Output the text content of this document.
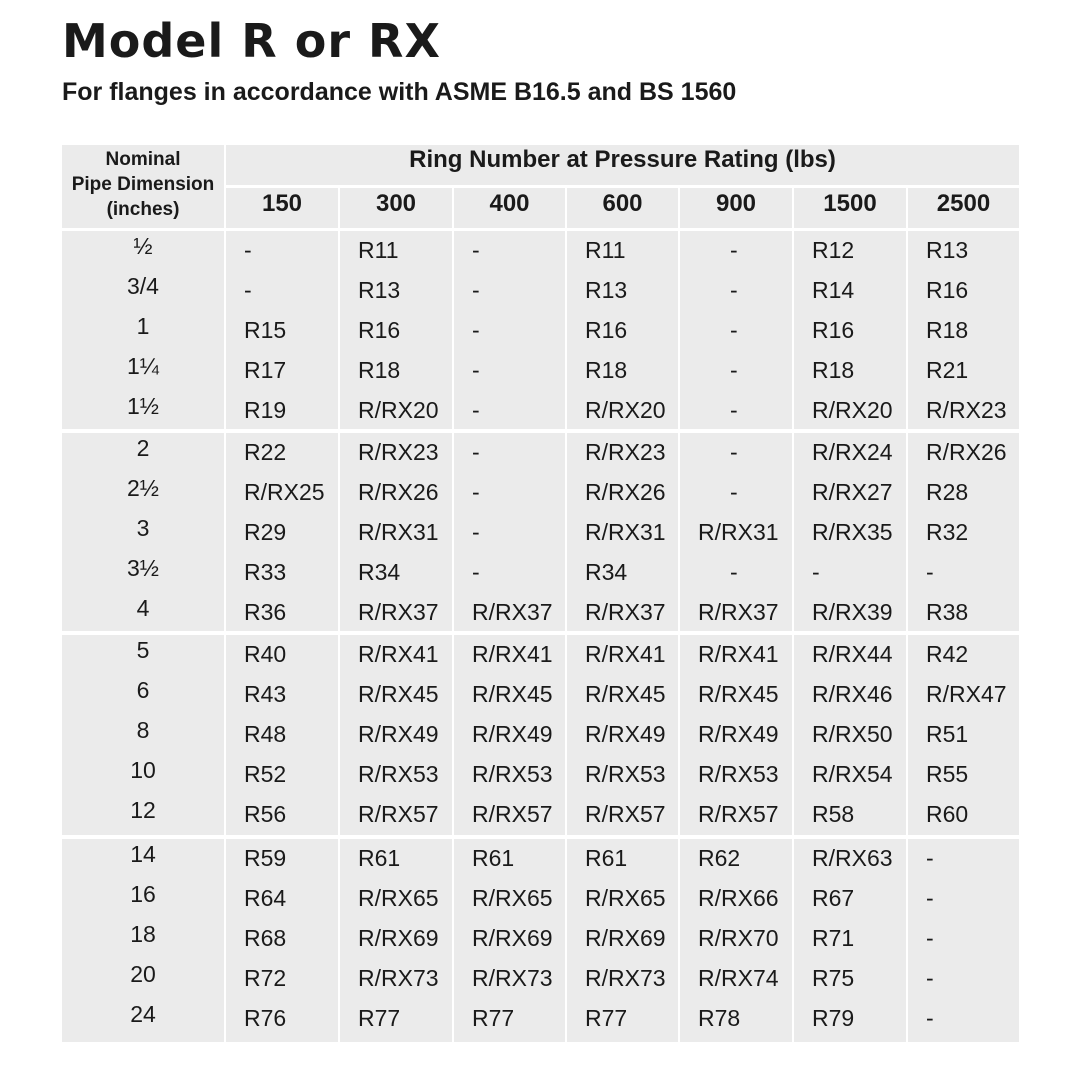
Model R or RX
For flanges in accordance with ASME B16.5 and BS 1560
Nominal
Pipe Dimension
(inches)
Ring Number at Pressure Rating (lbs)
150	300	400	600	900	1500	2500
½	-	R11	-	R11	-	R12	R13
3/4	-	R13	-	R13	-	R14	R16
1	R15	R16	-	R16	-	R16	R18
1¼	R17	R18	-	R18	-	R18	R21
1½	R19	R/RX20 -	R/RX20	-	R/RX20 R/RX23
2	R22	R/RX23 -	R/RX23	-	R/RX24 R/RX26
2½	R/RX25 R/RX26 -	R/RX26	-	R/RX27 R28
3	R29	R/RX31 -	R/RX31 R/RX31 R/RX35 R32
3½	R33	R34	-	R34	-	-	-
4	R36	R/RX37 R/RX37 R/RX37 R/RX37 R/RX39 R38
5	R40	R/RX41 R/RX41 R/RX41 R/RX41 R/RX44 R42
6	R43	R/RX45 R/RX45 R/RX45 R/RX45 R/RX46 R/RX47
8	R48	R/RX49 R/RX49 R/RX49 R/RX49 R/RX50 R51
10	R52	R/RX53 R/RX53 R/RX53 R/RX53 R/RX54 R55
12	R56	R/RX57 R/RX57 R/RX57 R/RX57 R58	R60
14	R59	R61	R61	R61	R62	R/RX63 -
16	R64	R/RX65 R/RX65 R/RX65 R/RX66 R67	-
18	R68	R/RX69 R/RX69 R/RX69 R/RX70 R71	-
20	R72	R/RX73 R/RX73 R/RX73 R/RX74 R75	-
24	R76	R77	R77	R77	R78	R79	-
